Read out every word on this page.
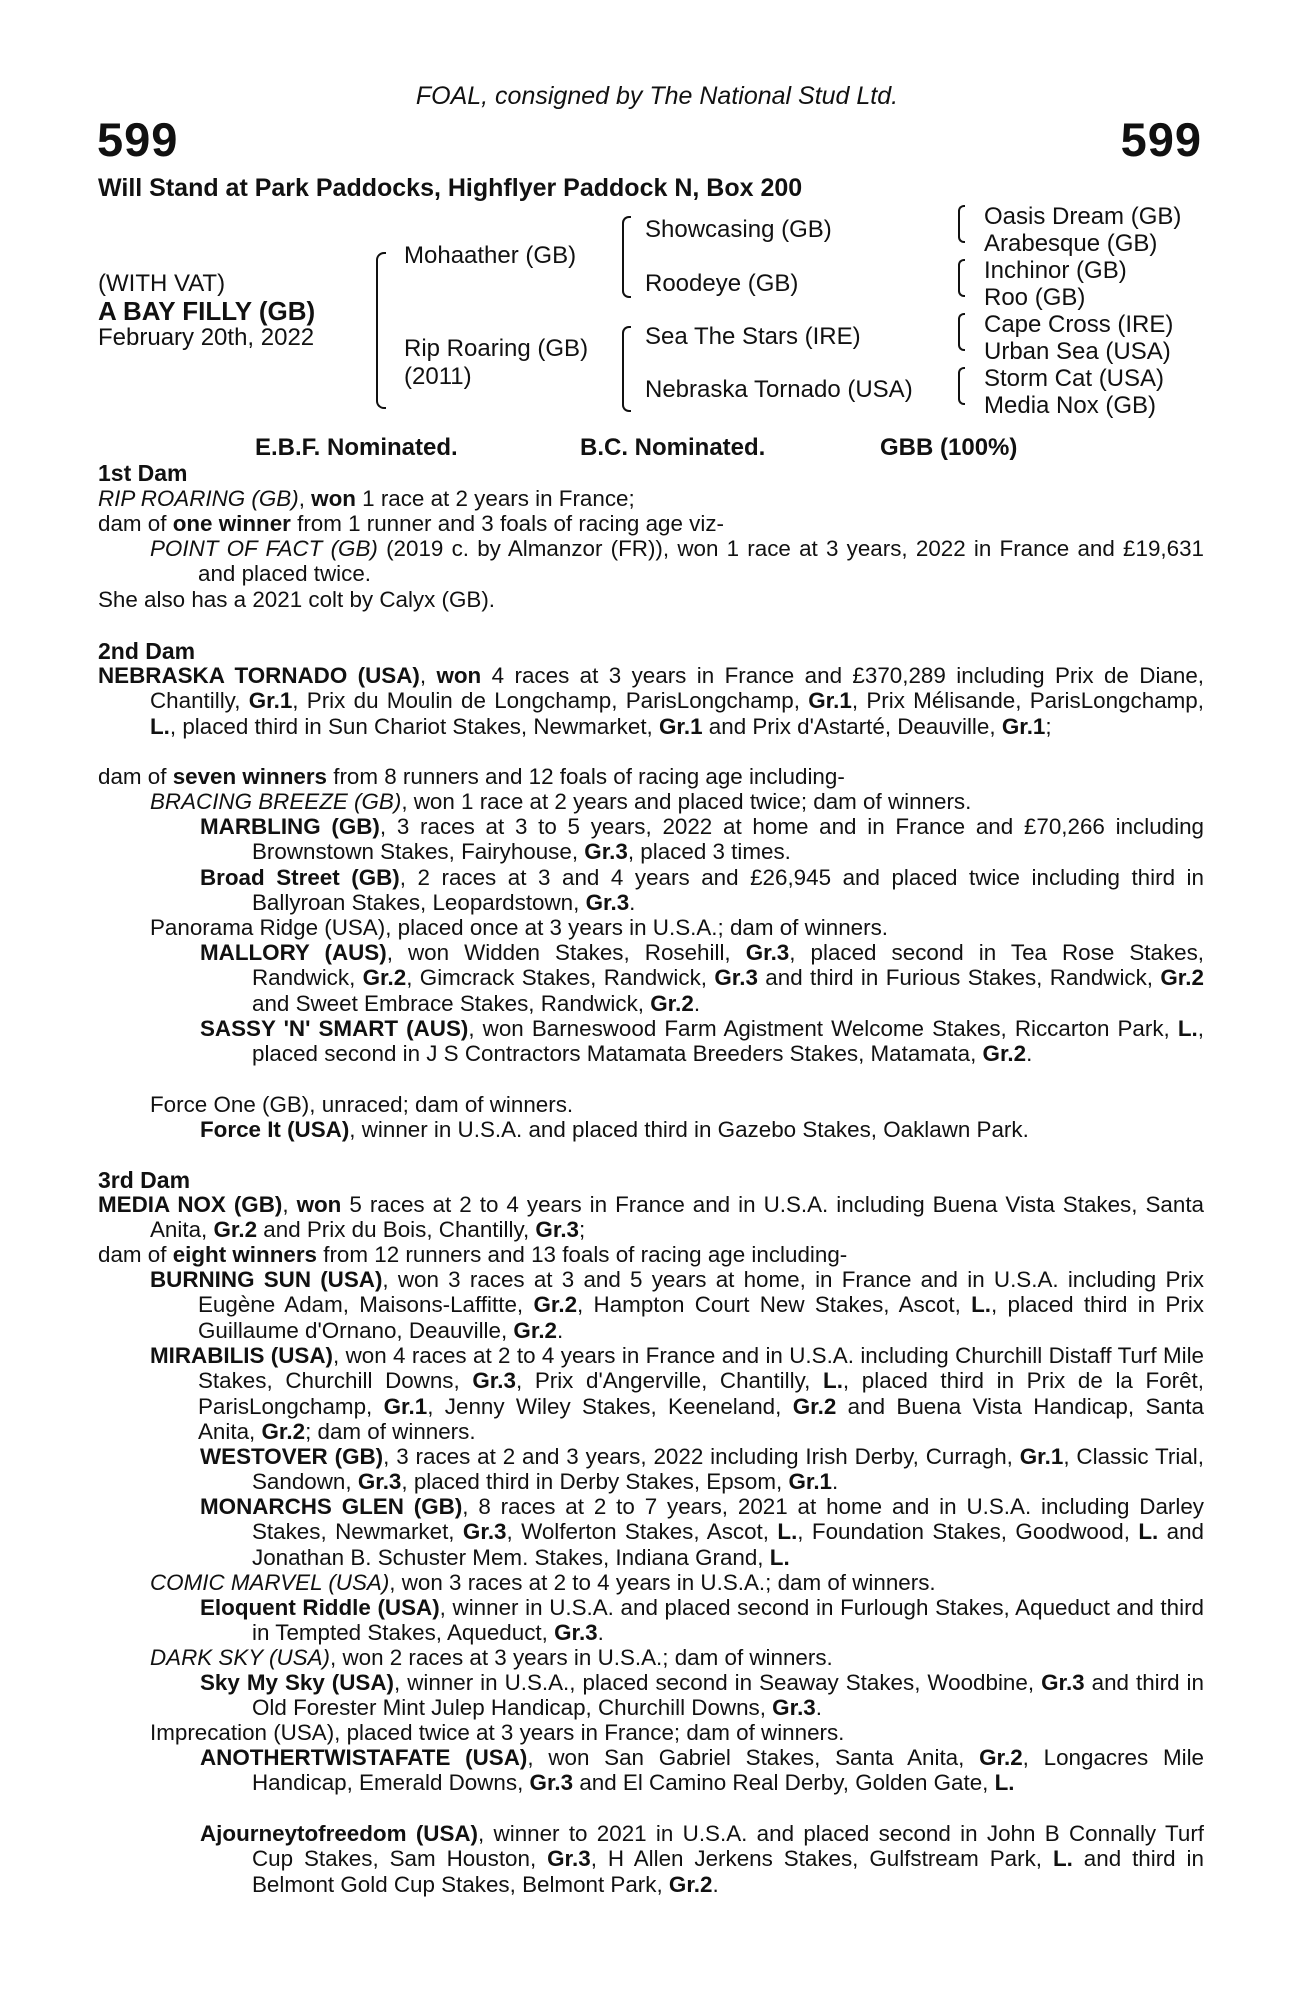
FOAL, consigned by The National Stud Ltd.
599	599
Will Stand at Park Paddocks, Highflyer Paddock N, Box 200
(WITH VAT)
A BAY FILLY (GB)
February 20th, 2022
Mohaather (GB)
Rip Roaring (GB)
(2011)
Showcasing (GB)
Roodeye (GB)
Sea The Stars (IRE)
Nebraska Tornado (USA)
Oasis Dream (GB)
Arabesque (GB)
Inchinor (GB)
Roo (GB)
Cape Cross (IRE)
Urban Sea (USA)
Storm Cat (USA)
Media Nox (GB)
E.B.F. Nominated.	B.C. Nominated.	GBB (100%)
1st Dam
RIP ROARING (GB), won 1 race at 2 years in France;
dam of one winner from 1 runner and 3 foals of racing age viz-
POINT OF FACT (GB) (2019 c. by Almanzor (FR)), won 1 race at 3 years, 2022 in France and £19,631 and placed twice.
She also has a 2021 colt by Calyx (GB).
2nd Dam
NEBRASKA TORNADO (USA), won 4 races at 3 years in France and £370,289 including Prix de Diane, Chantilly, Gr.1, Prix du Moulin de Longchamp, ParisLongchamp, Gr.1, Prix Mélisande, ParisLongchamp, L., placed third in Sun Chariot Stakes, Newmarket, Gr.1 and Prix d'Astarté, Deauville, Gr.1;
dam of seven winners from 8 runners and 12 foals of racing age including-
BRACING BREEZE (GB), won 1 race at 2 years and placed twice; dam of winners.
MARBLING (GB), 3 races at 3 to 5 years, 2022 at home and in France and £70,266 including Brownstown Stakes, Fairyhouse, Gr.3, placed 3 times.
Broad Street (GB), 2 races at 3 and 4 years and £26,945 and placed twice including third in Ballyroan Stakes, Leopardstown, Gr.3.
Panorama Ridge (USA), placed once at 3 years in U.S.A.; dam of winners.
MALLORY (AUS), won Widden Stakes, Rosehill, Gr.3, placed second in Tea Rose Stakes, Randwick, Gr.2, Gimcrack Stakes, Randwick, Gr.3 and third in Furious Stakes, Randwick, Gr.2 and Sweet Embrace Stakes, Randwick, Gr.2.
SASSY 'N' SMART (AUS), won Barneswood Farm Agistment Welcome Stakes, Riccarton Park, L., placed second in J S Contractors Matamata Breeders Stakes, Matamata, Gr.2.
Force One (GB), unraced; dam of winners.
Force It (USA), winner in U.S.A. and placed third in Gazebo Stakes, Oaklawn Park.
3rd Dam
MEDIA NOX (GB), won 5 races at 2 to 4 years in France and in U.S.A. including Buena Vista Stakes, Santa Anita, Gr.2 and Prix du Bois, Chantilly, Gr.3;
dam of eight winners from 12 runners and 13 foals of racing age including-
BURNING SUN (USA), won 3 races at 3 and 5 years at home, in France and in U.S.A. including Prix Eugène Adam, Maisons-Laffitte, Gr.2, Hampton Court New Stakes, Ascot, L., placed third in Prix Guillaume d'Ornano, Deauville, Gr.2.
MIRABILIS (USA), won 4 races at 2 to 4 years in France and in U.S.A. including Churchill Distaff Turf Mile Stakes, Churchill Downs, Gr.3, Prix d'Angerville, Chantilly, L., placed third in Prix de la Forêt, ParisLongchamp, Gr.1, Jenny Wiley Stakes, Keeneland, Gr.2 and Buena Vista Handicap, Santa Anita, Gr.2; dam of winners.
WESTOVER (GB), 3 races at 2 and 3 years, 2022 including Irish Derby, Curragh, Gr.1, Classic Trial, Sandown, Gr.3, placed third in Derby Stakes, Epsom, Gr.1.
MONARCHS GLEN (GB), 8 races at 2 to 7 years, 2021 at home and in U.S.A. including Darley Stakes, Newmarket, Gr.3, Wolferton Stakes, Ascot, L., Foundation Stakes, Goodwood, L. and Jonathan B. Schuster Mem. Stakes, Indiana Grand, L.
COMIC MARVEL (USA), won 3 races at 2 to 4 years in U.S.A.; dam of winners.
Eloquent Riddle (USA), winner in U.S.A. and placed second in Furlough Stakes, Aqueduct and third in Tempted Stakes, Aqueduct, Gr.3.
DARK SKY (USA), won 2 races at 3 years in U.S.A.; dam of winners.
Sky My Sky (USA), winner in U.S.A., placed second in Seaway Stakes, Woodbine, Gr.3 and third in Old Forester Mint Julep Handicap, Churchill Downs, Gr.3.
Imprecation (USA), placed twice at 3 years in France; dam of winners.
ANOTHERTWISTAFATE (USA), won San Gabriel Stakes, Santa Anita, Gr.2, Longacres Mile Handicap, Emerald Downs, Gr.3 and El Camino Real Derby, Golden Gate, L.
Ajourneytofreedom (USA), winner to 2021 in U.S.A. and placed second in John B Connally Turf Cup Stakes, Sam Houston, Gr.3, H Allen Jerkens Stakes, Gulfstream Park, L. and third in Belmont Gold Cup Stakes, Belmont Park, Gr.2.
